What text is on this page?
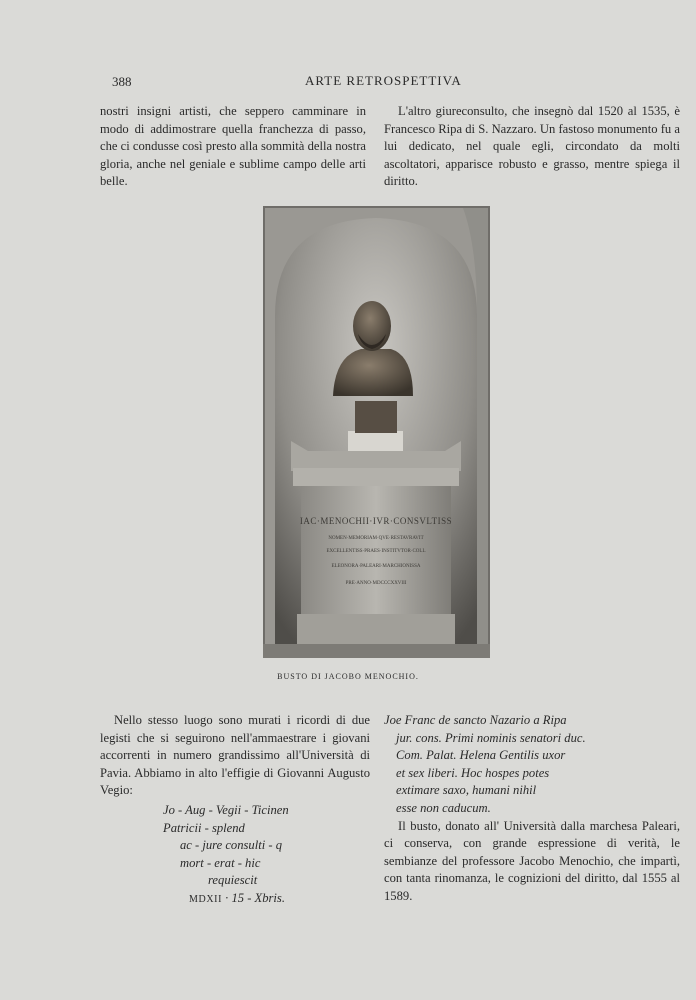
388	ARTE RETROSPETTIVA

nostri insigni artisti, che seppero camminare in modo di addimostrare quella franchezza di passo, che ci condusse così presto alla sommità della nostra gloria, anche nel geniale e sublime campo delle arti belle.

L'altro giureconsulto, che insegnò dal 1520 al 1535, è Francesco Ripa di S. Nazzaro. Un fastoso monumento fu a lui dedicato, nel quale egli, circondato da molti ascoltatori, apparisce robusto e grasso, mentre spiega il diritto.

IAC·MENOCHII·IVR·CONSVLTISS
NOMEN·MEMORIAM·QVE·RESTAVRAVIT
EXCELLENTISS·PRAES·INSTITVTOR·COLL
ELEONORA·PALEARI·MARCHIONISSA
PRE·ANNO·MDCCCXXVIII
BUSTO DI JACOBO MENOCHIO.

Nello stesso luogo sono murati i ricordi di due legisti che si seguirono nell'ammaestrare i giovani accorrenti in numero grandissimo all'Università di Pavia. Abbiamo in alto l'effigie di Giovanni Augusto Vegio:

Jo - Aug - Vegii - Ticinen
Patricii - splend
ac - jure consulti - q
mort - erat - hic
requiescit
MDXII · 15 - Xbris.
Joe Franc de sancto Nazario a Ripa
jur. cons. Primi nominis senatori duc.
Com. Palat. Helena Gentilis uxor
et sex liberi. Hoc hospes potes
extimare saxo, humani nihil
esse non caducum.

Il busto, donato all' Università dalla marchesa Paleari, ci conserva, con grande espressione di verità, le sembianze del professore Jacobo Menochio, che impartì, con tanta rinomanza, le cognizioni del diritto, dal 1555 al 1589.
